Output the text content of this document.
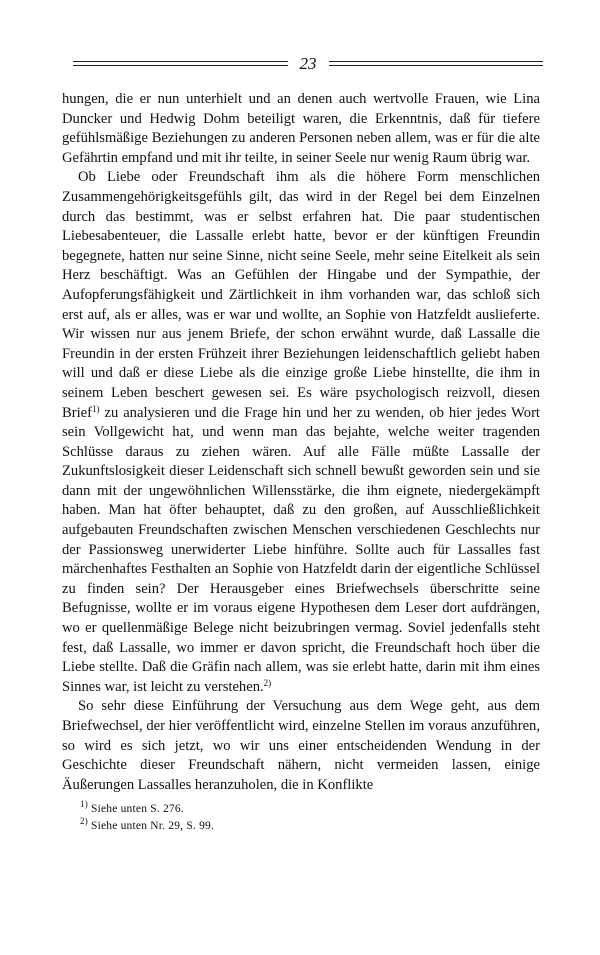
23

hungen, die er nun unterhielt und an denen auch wertvolle Frauen, wie Lina Duncker und Hedwig Dohm beteiligt waren, die Erkenntnis, daß für tiefere gefühlsmäßige Beziehungen zu anderen Personen neben allem, was er für die alte Gefährtin empfand und mit ihr teilte, in seiner Seele nur wenig Raum übrig war.

Ob Liebe oder Freundschaft ihm als die höhere Form menschlichen Zusammengehörigkeitsgefühls gilt, das wird in der Regel bei dem Einzelnen durch das bestimmt, was er selbst erfahren hat. Die paar studentischen Liebesabenteuer, die Lassalle erlebt hatte, bevor er der künftigen Freundin begegnete, hatten nur seine Sinne, nicht seine Seele, mehr seine Eitelkeit als sein Herz beschäftigt. Was an Gefühlen der Hingabe und der Sympathie, der Aufopferungsfähigkeit und Zärtlichkeit in ihm vorhanden war, das schloß sich erst auf, als er alles, was er war und wollte, an Sophie von Hatzfeldt auslieferte. Wir wissen nur aus jenem Briefe, der schon erwähnt wurde, daß Lassalle die Freundin in der ersten Frühzeit ihrer Beziehungen leidenschaftlich geliebt haben will und daß er diese Liebe als die einzige große Liebe hinstellte, die ihm in seinem Leben beschert gewesen sei. Es wäre psychologisch reizvoll, diesen Brief$^{1)}$ zu analysieren und die Frage hin und her zu wenden, ob hier jedes Wort sein Vollgewicht hat, und wenn man das bejahte, welche weiter tragenden Schlüsse daraus zu ziehen wären. Auf alle Fälle müßte Lassalle der Zukunftslosigkeit dieser Leidenschaft sich schnell bewußt geworden sein und sie dann mit der ungewöhnlichen Willensstärke, die ihm eignete, niedergekämpft haben. Man hat öfter behauptet, daß zu den großen, auf Ausschließlichkeit aufgebauten Freundschaften zwischen Menschen verschiedenen Geschlechts nur der Passionsweg unerwiderter Liebe hinführe. Sollte auch für Lassalles fast märchenhaftes Festhalten an Sophie von Hatzfeldt darin der eigentliche Schlüssel zu finden sein? Der Herausgeber eines Briefwechsels überschritte seine Befugnisse, wollte er im voraus eigene Hypothesen dem Leser dort aufdrängen, wo er quellenmäßige Belege nicht beizubringen vermag. Soviel jedenfalls steht fest, daß Lassalle, wo immer er davon spricht, die Freundschaft hoch über die Liebe stellte. Daß die Gräfin nach allem, was sie erlebt hatte, darin mit ihm eines Sinnes war, ist leicht zu verstehen.$^{2)}$

So sehr diese Einführung der Versuchung aus dem Wege geht, aus dem Briefwechsel, der hier veröffentlicht wird, einzelne Stellen im voraus anzuführen, so wird es sich jetzt, wo wir uns einer entscheidenden Wendung in der Geschichte dieser Freundschaft nähern, nicht vermeiden lassen, einige Äußerungen Lassalles heranzuholen, die in Konflikte

$^{1)}$ Siehe unten S. 276.
$^{2)}$ Siehe unten Nr. 29, S. 99.
